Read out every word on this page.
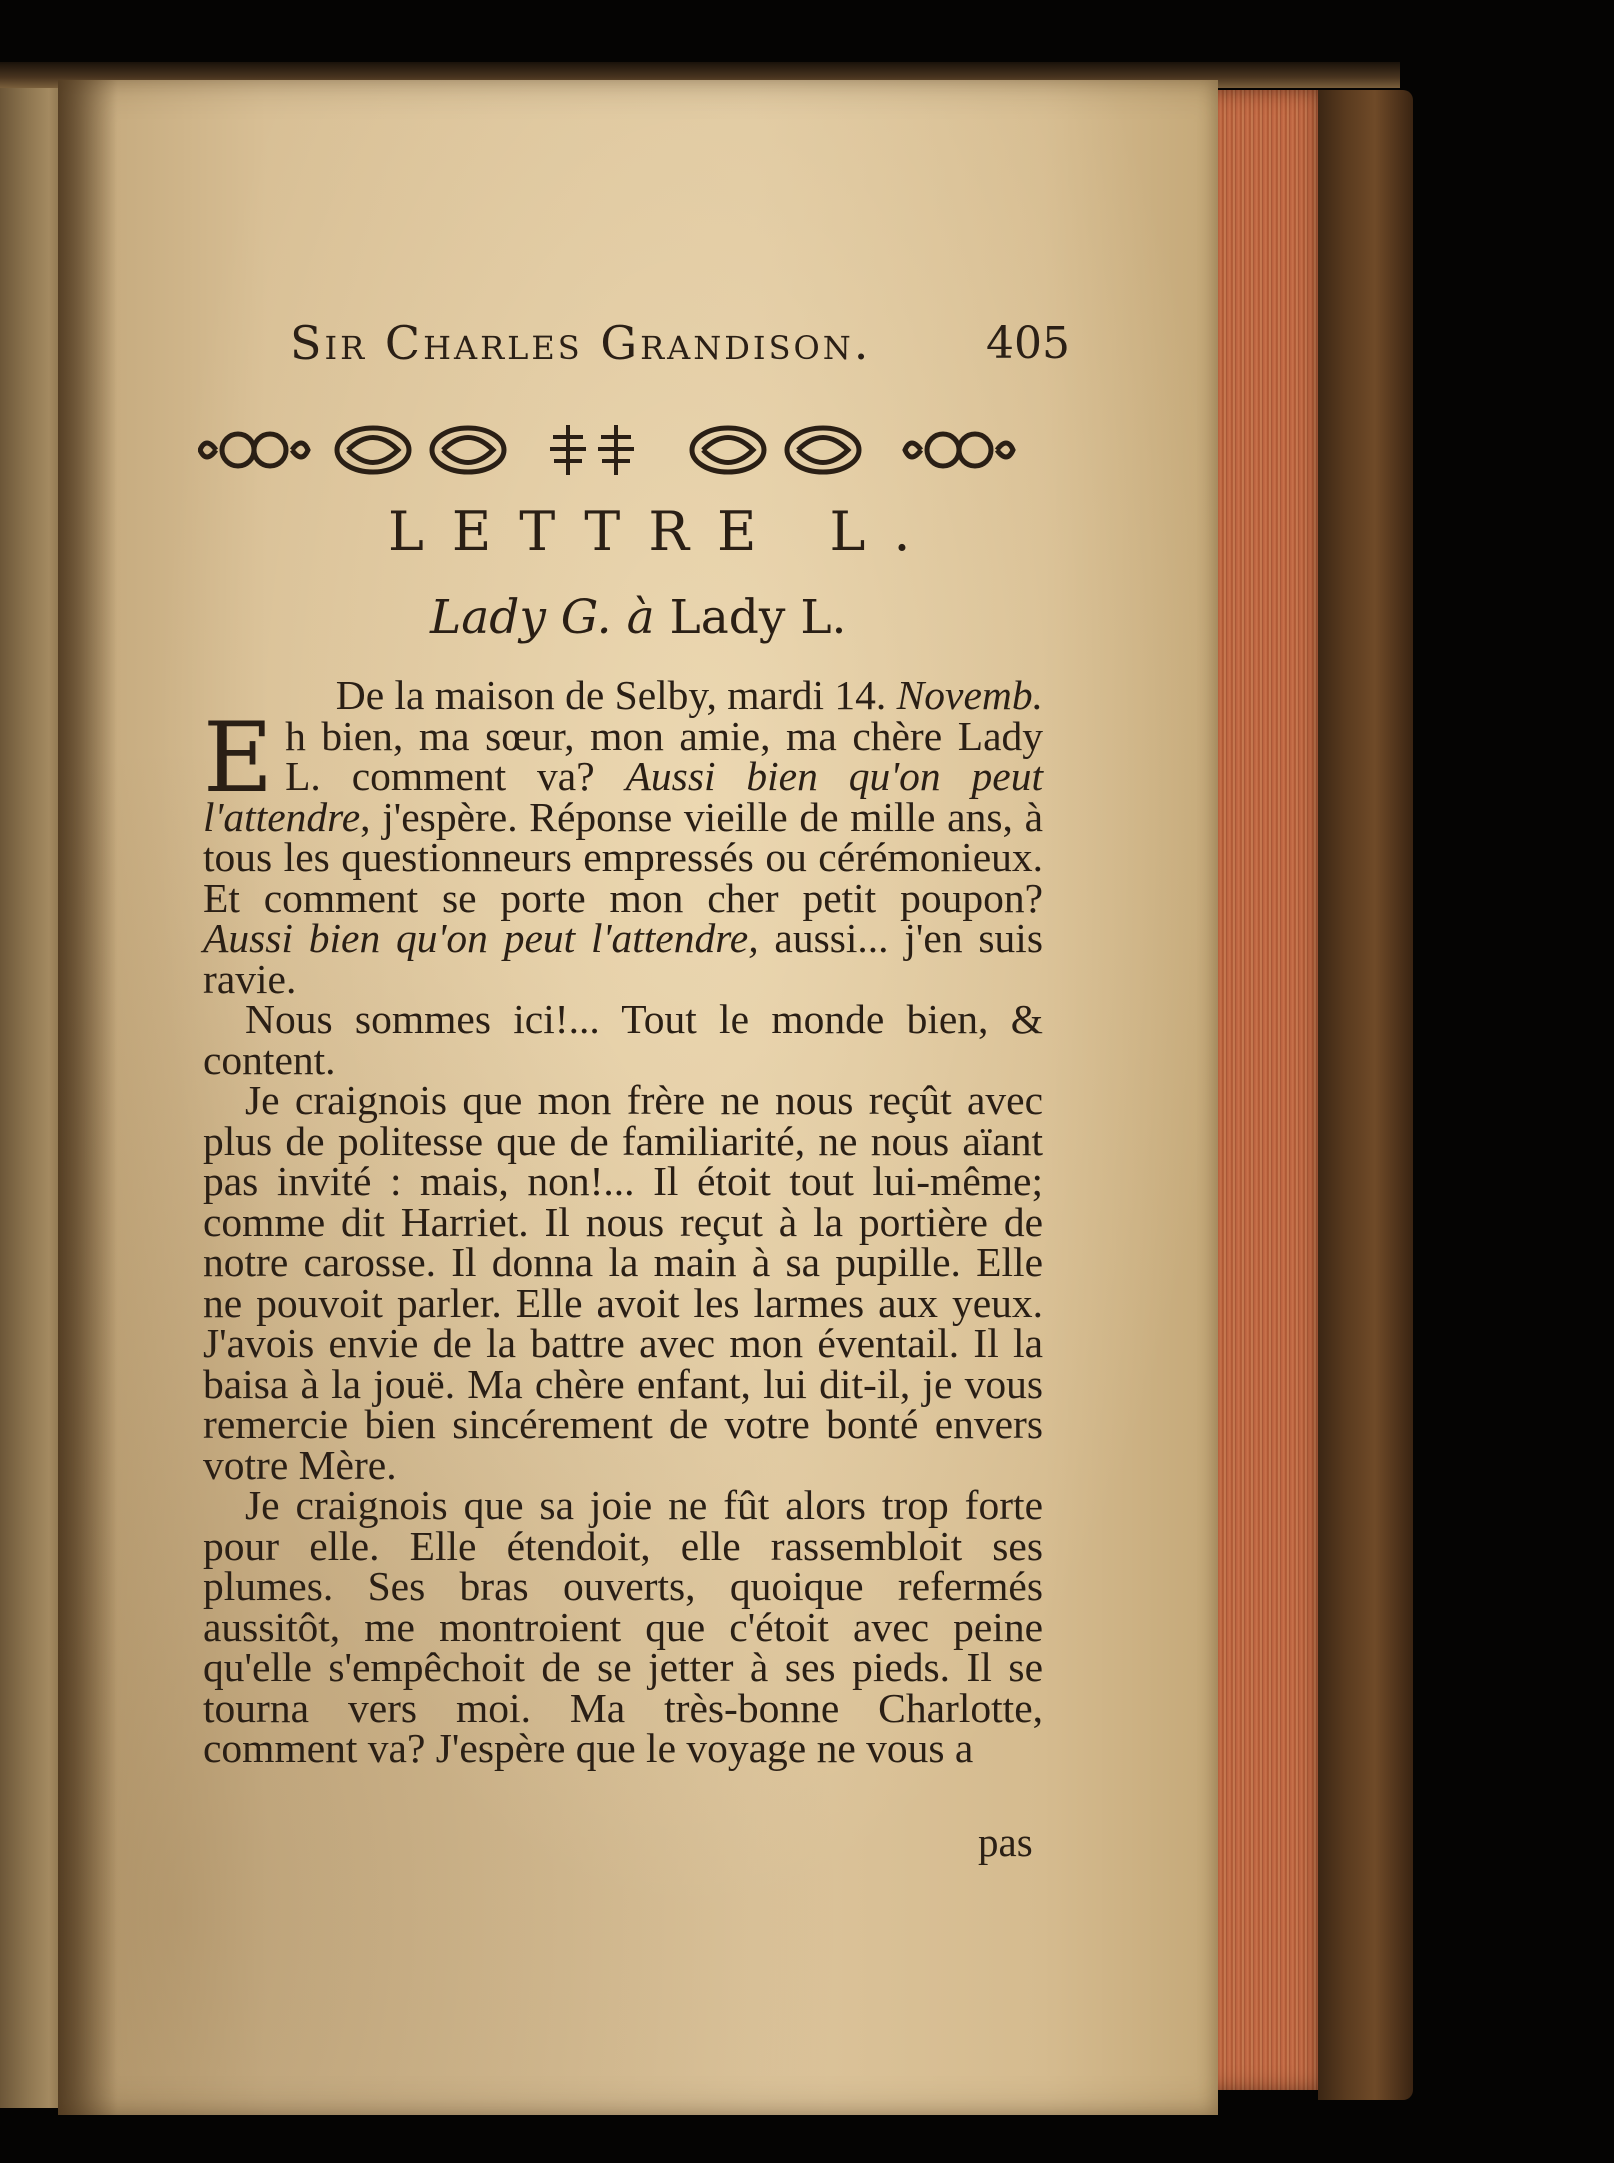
Sir Charles Grandison.	405
LETTRE L.
Lady G. à Lady L.

De la maison de Selby, mardi 14. Novemb.

Eh bien, ma sœur, mon amie, ma chère Lady L. comment va? Aussi bien qu'on peut l'attendre, j'espère. Réponse vieille de mille ans, à tous les questionneurs empressés ou cérémonieux. Et comment se porte mon cher petit poupon? Aussi bien qu'on peut l'attendre, aussi... j'en suis ravie.

Nous sommes ici!... Tout le monde bien, & content.

Je craignois que mon frère ne nous reçût avec plus de politesse que de familiarité, ne nous aïant pas invité : mais, non!... Il étoit tout lui-même; comme dit Harriet. Il nous reçut à la portière de notre carosse. Il donna la main à sa pupille. Elle ne pouvoit parler. Elle avoit les larmes aux yeux. J'avois envie de la battre avec mon éventail. Il la baisa à la jouë. Ma chère enfant, lui dit-il, je vous remercie bien sincérement de votre bonté envers votre Mère.

Je craignois que sa joie ne fût alors trop forte pour elle. Elle étendoit, elle rassembloit ses plumes. Ses bras ouverts, quoique refermés aussitôt, me montroient que c'étoit avec peine qu'elle s'empêchoit de se jetter à ses pieds. Il se tourna vers moi. Ma très-bonne Charlotte, comment va? J'espère que le voyage ne vous a

pas
